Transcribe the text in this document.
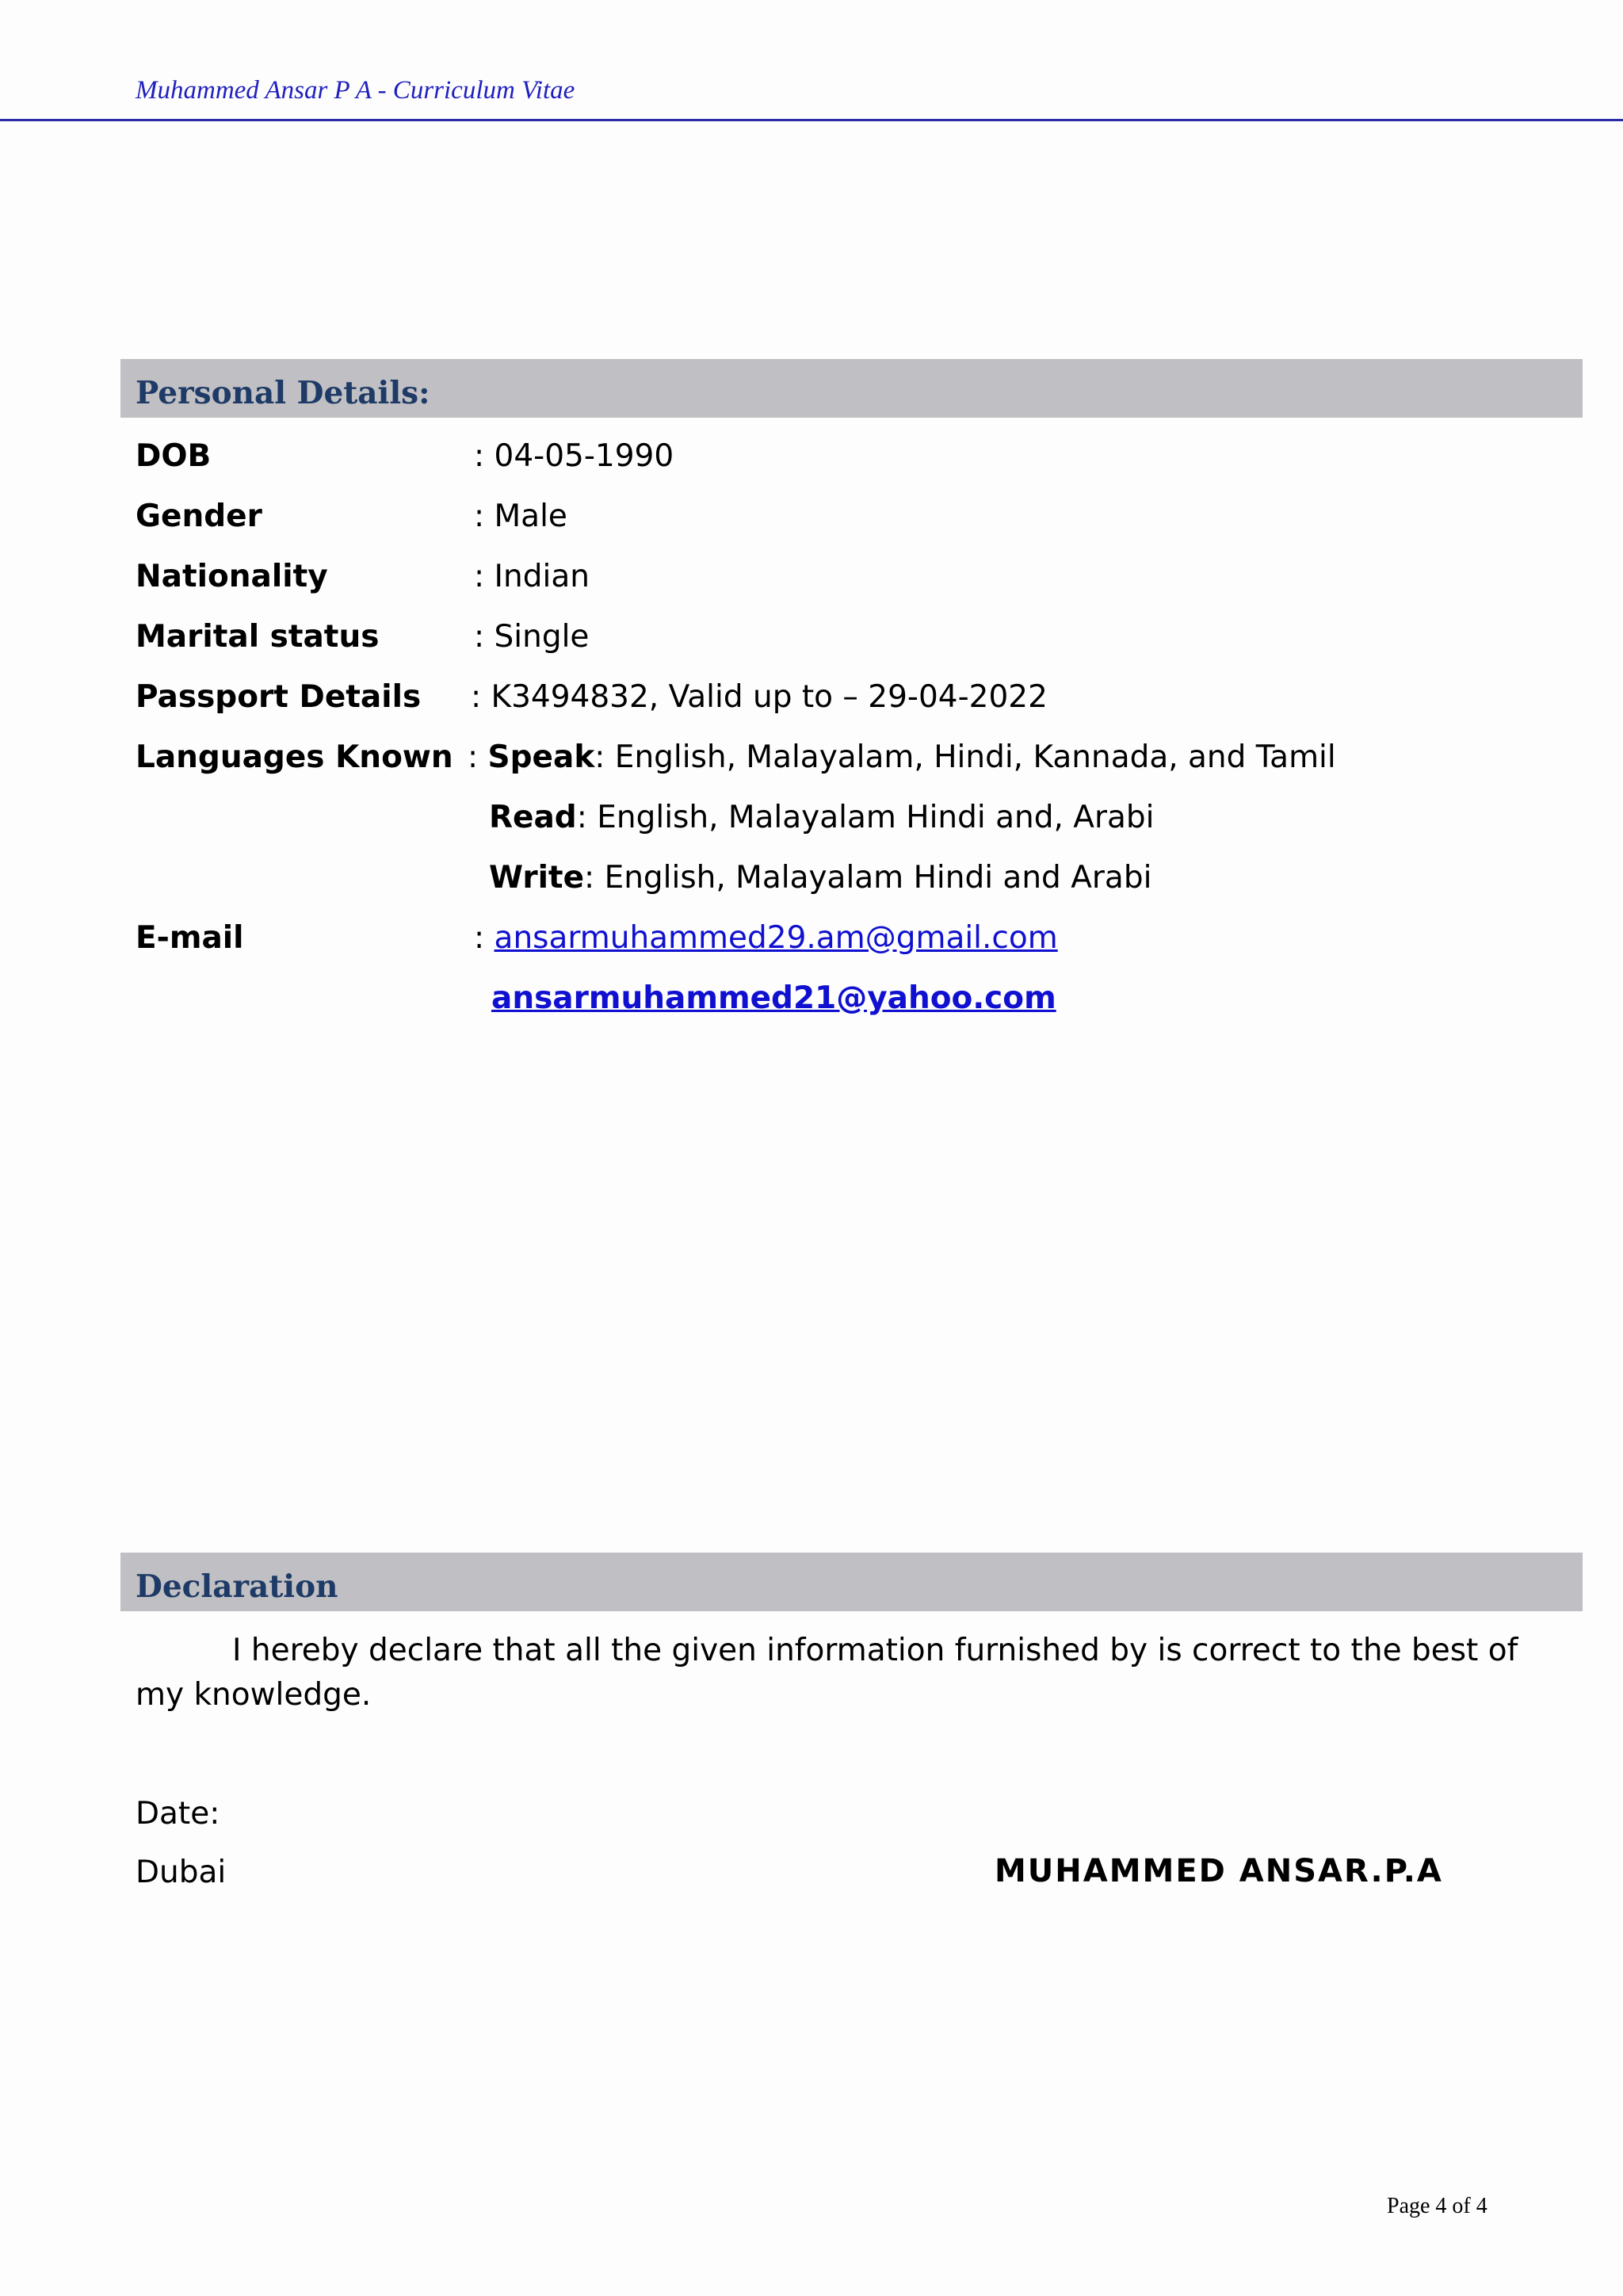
Muhammed Ansar P A - Curriculum Vitae
Personal Details:
DOB	: 04-05-1990
Gender	: Male
Nationality	: Indian
Marital status	: Single
Passport Details : K3494832, Valid up to – 29-04-2022
Languages Known : Speak: English, Malayalam, Hindi, Kannada, and Tamil
Read: English, Malayalam Hindi and, Arabi
Write: English, Malayalam Hindi and Arabi
E-mail	: ansarmuhammed29.am@gmail.com
ansarmuhammed21@yahoo.com
Declaration
I hereby declare that all the given information furnished by is correct to the best of my knowledge.
Date:
Dubai	MUHAMMED ANSAR.P.A
Page 4 of 4
